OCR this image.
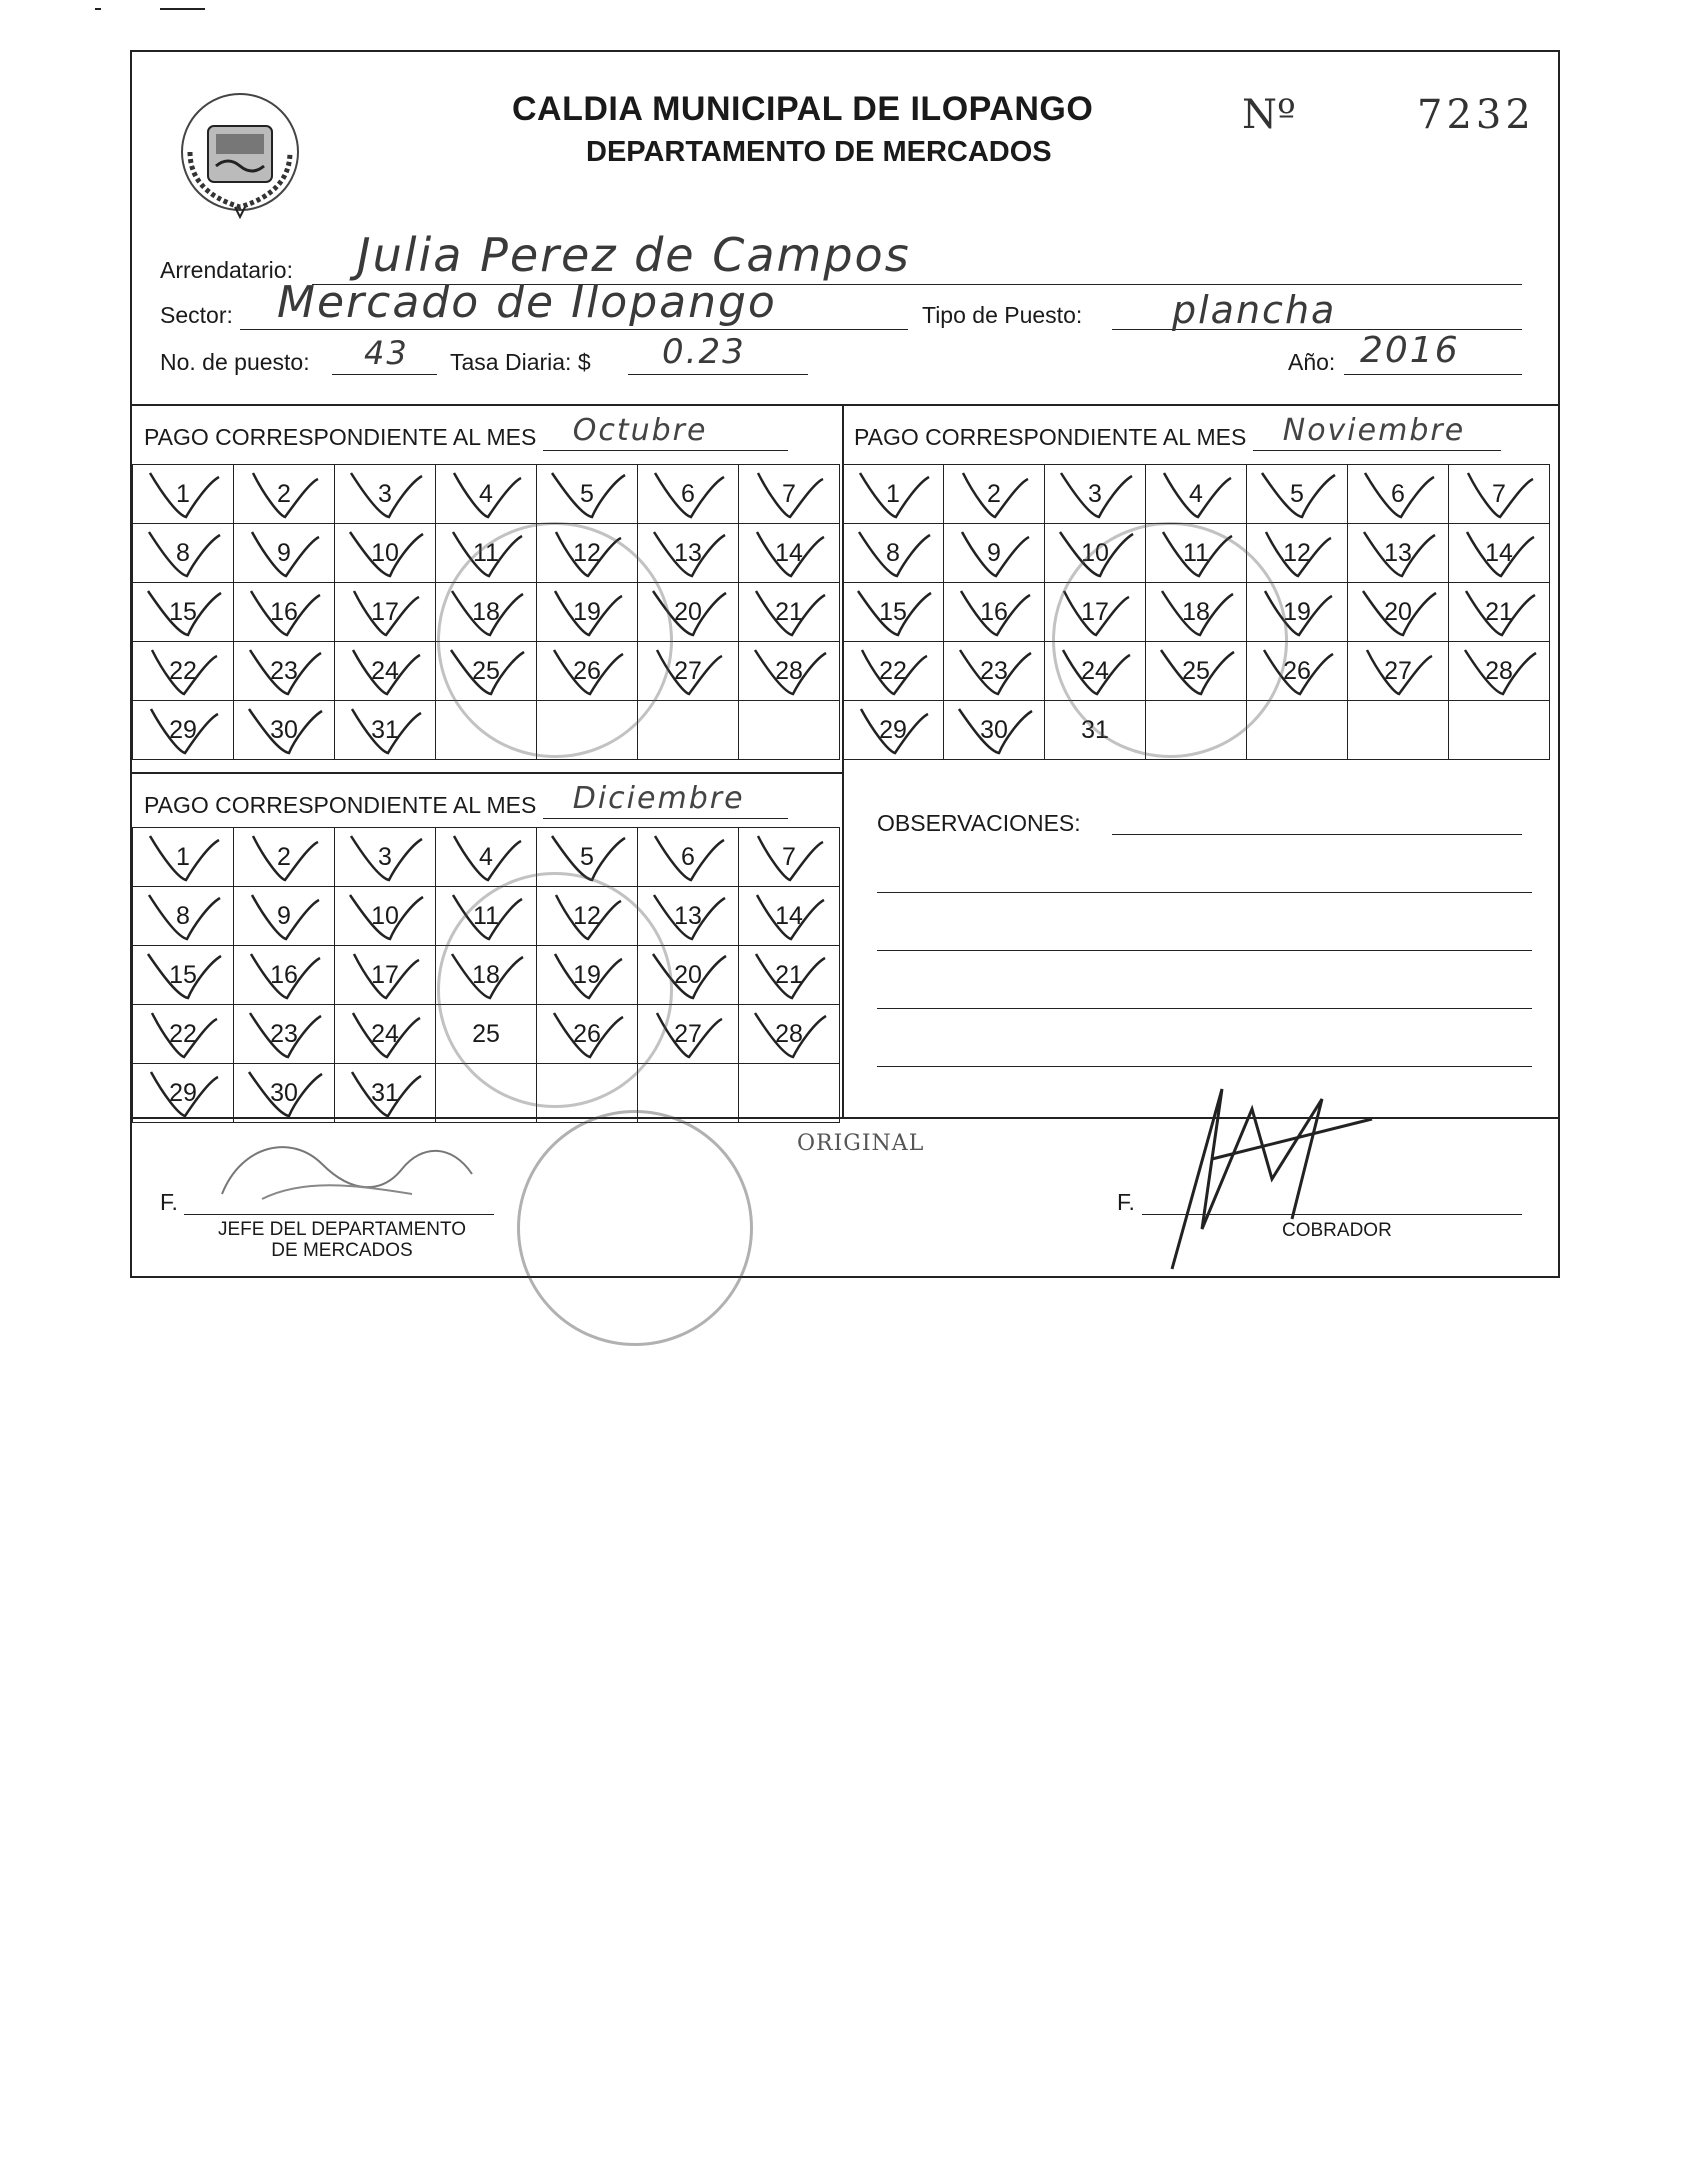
CALDIA MUNICIPAL DE ILOPANGO
DEPARTAMENTO DE MERCADOS
Nº	7232
Arrendatario: Julia Perez de Campos
Sector: Mercado de Ilopango	Tipo de Puesto: plancha
No. de puesto: 43 Tasa Diaria: $ 0.23	Año: 2016
PAGO CORRESPONDIENTE AL MES Octubre
1	2	3	4	5	6	7

8	9	10	11	12	13	14

15	16	17	18	19	20	21

22	23	24	25	26	27	28

29	30	31

PAGO CORRESPONDIENTE AL MES Noviembre
1	2	3	4	5	6	7

8	9	10	11	12	13	14

15	16	17	18	19	20	21

22	23	24	25	26	27	28

29	30	31				
PAGO CORRESPONDIENTE AL MES Diciembre
1	2	3	4	5	6	7

8	9	10	11	12	13	14

15	16	17	18	19	20	21

22	23	24	25	26	27	28

29	30	31

OBSERVACIONES:
F.
JEFE DEL DEPARTAMENTO
DE MERCADOS
ORIGINAL
F.
COBRADOR
